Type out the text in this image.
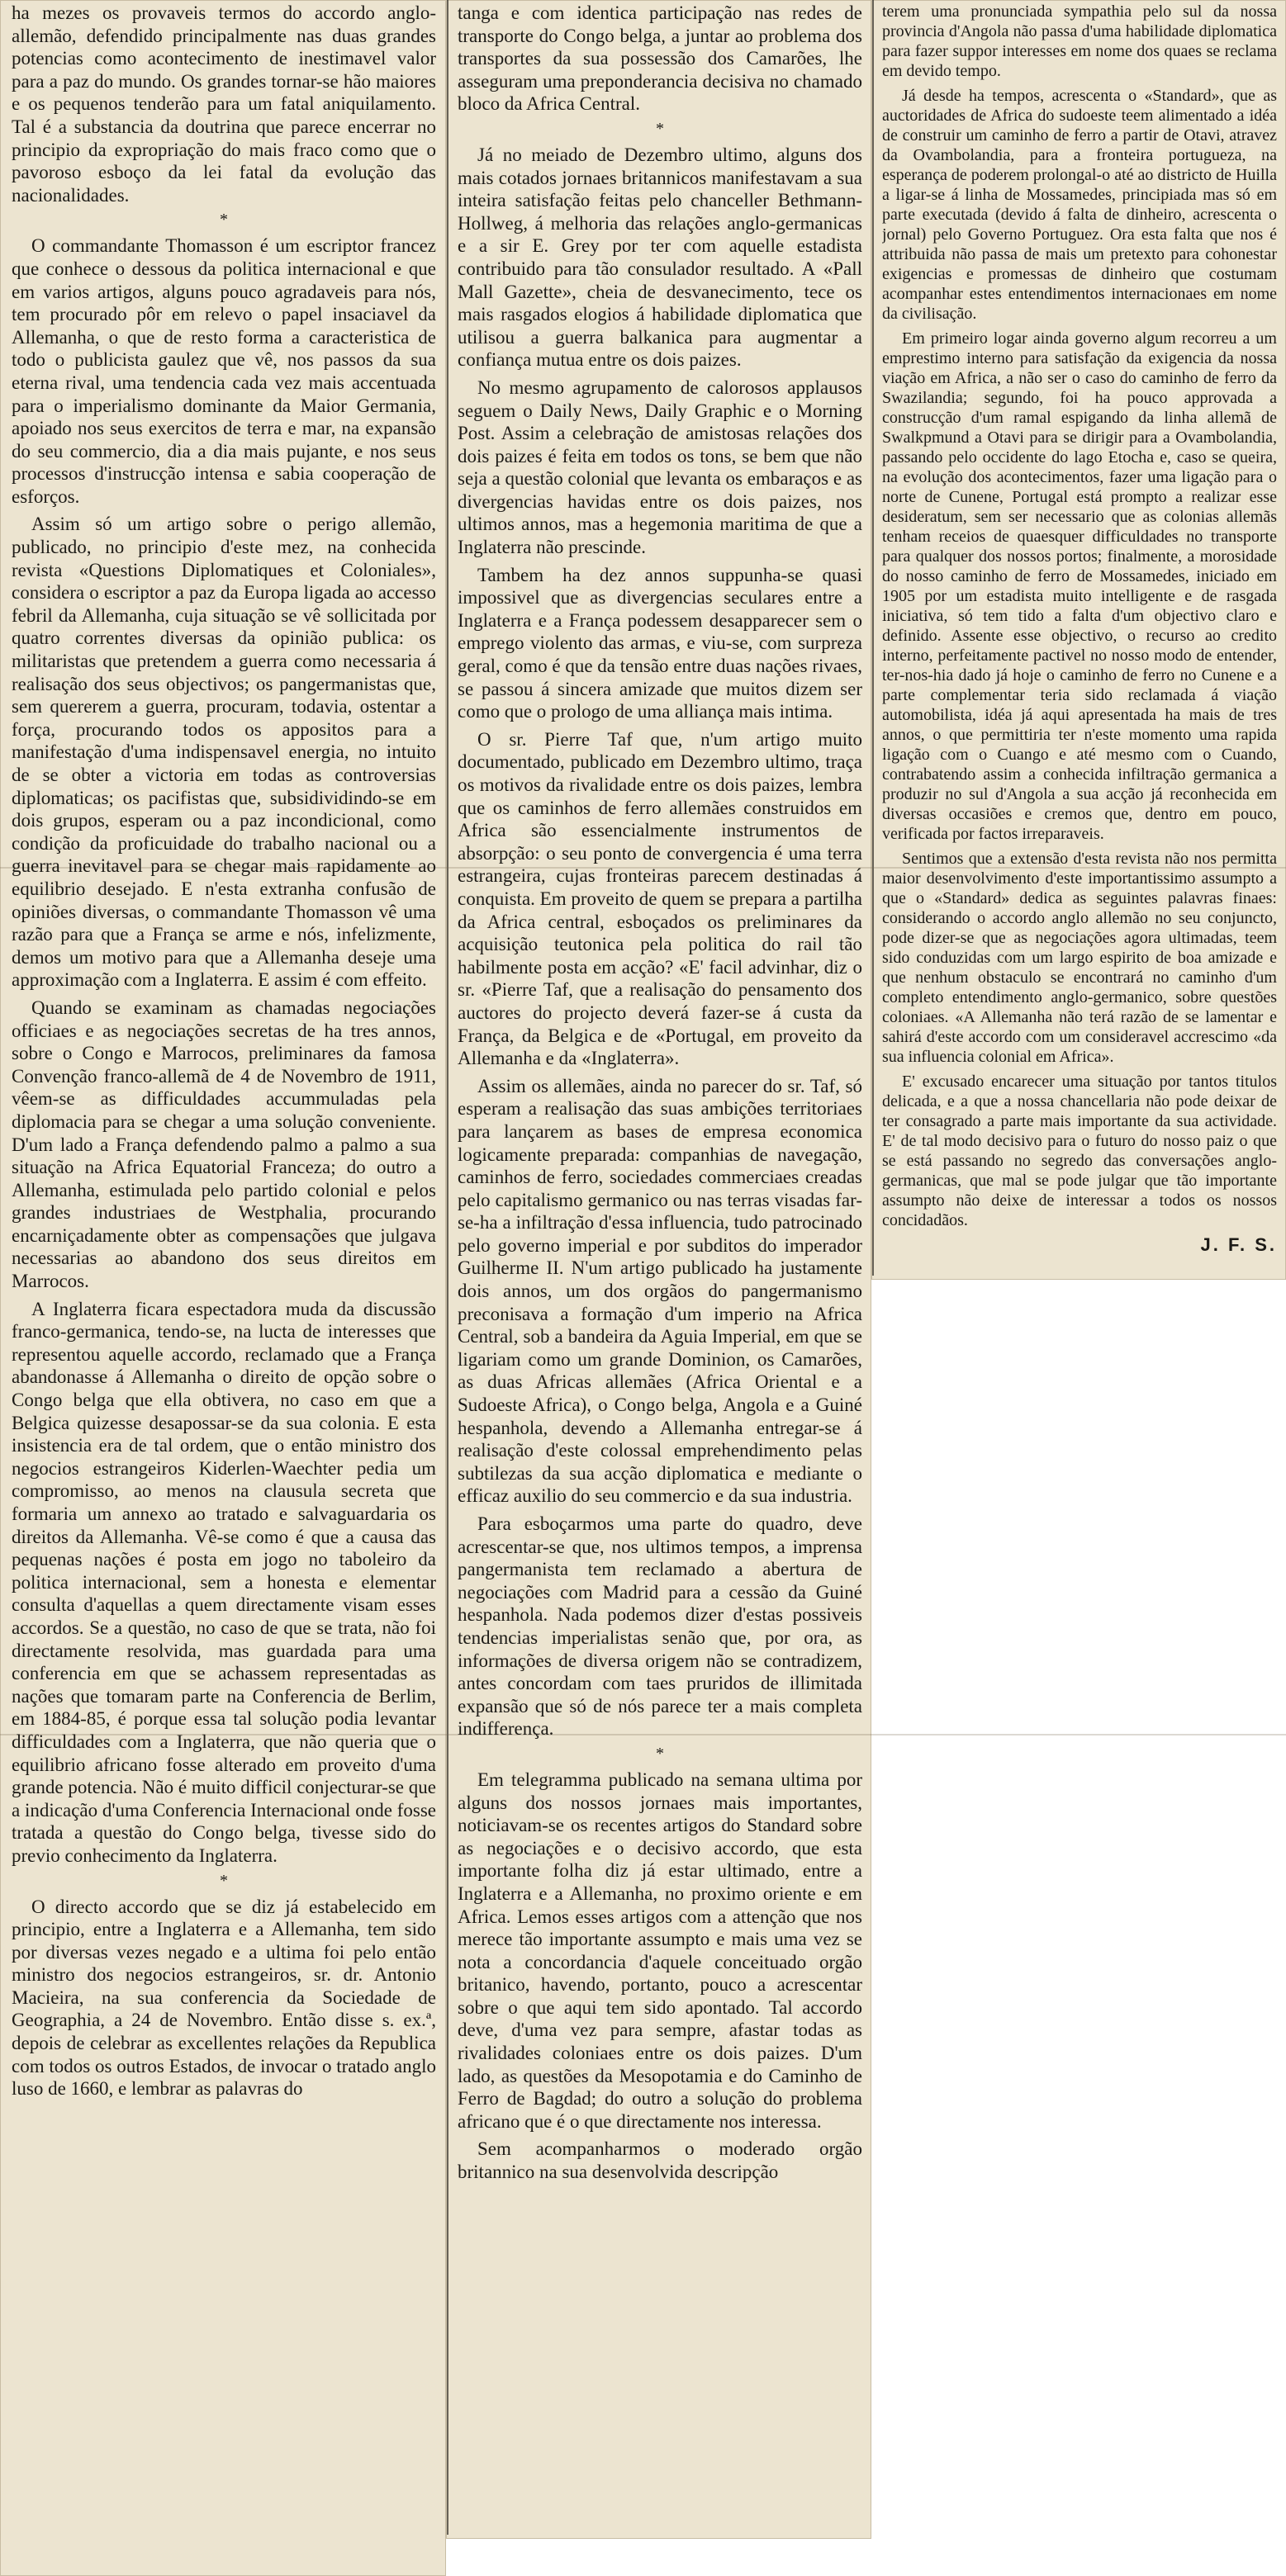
ha mezes os provaveis termos do accordo anglo-allemão, defendido principalmente nas duas grandes potencias como acontecimento de inestimavel valor para a paz do mundo. Os grandes tornar-se hão maiores e os pequenos tenderão para um fatal aniquilamento. Tal é a substancia da doutrina que parece encerrar no principio da expropriação do mais fraco como que o pavoroso esboço da lei fatal da evolução das nacionalidades.

*

O commandante Thomasson é um escriptor francez que conhece o dessous da politica internacional e que em varios artigos, alguns pouco agradaveis para nós, tem procurado pôr em relevo o papel insaciavel da Allemanha, o que de resto forma a caracteristica de todo o publicista gaulez que vê, nos passos da sua eterna rival, uma tendencia cada vez mais accentuada para o imperialismo dominante da Maior Germania, apoiado nos seus exercitos de terra e mar, na expansão do seu commercio, dia a dia mais pujante, e nos seus processos d'instrucção intensa e sabia cooperação de esforços.

Assim só um artigo sobre o perigo allemão, publicado, no principio d'este mez, na conhecida revista «Questions Diplomatiques et Coloniales», considera o escriptor a paz da Europa ligada ao accesso febril da Allemanha, cuja situação se vê sollicitada por quatro correntes diversas da opinião publica: os militaristas que pretendem a guerra como necessaria á realisação dos seus objectivos; os pangermanistas que, sem quererem a guerra, procuram, todavia, ostentar a força, procurando todos os appositos para a manifestação d'uma indispensavel energia, no intuito de se obter a victoria em todas as controversias diplomaticas; os pacifistas que, subsidividindo-se em dois grupos, esperam ou a paz incondicional, como condição da proficuidade do trabalho nacional ou a guerra inevitavel para se chegar mais rapidamente ao equilibrio desejado. E n'esta extranha confusão de opiniões diversas, o commandante Thomasson vê uma razão para que a França se arme e nós, infelizmente, demos um motivo para que a Allemanha deseje uma approximação com a Inglaterra. E assim é com effeito.

Quando se examinam as chamadas negociações officiaes e as negociações secretas de ha tres annos, sobre o Congo e Marrocos, preliminares da famosa Convenção franco-allemã de 4 de Novembro de 1911, vêem-se as difficuldades accummuladas pela diplomacia para se chegar a uma solução conveniente. D'um lado a França defendendo palmo a palmo a sua situação na Africa Equatorial Franceza; do outro a Allemanha, estimulada pelo partido colonial e pelos grandes industriaes de Westphalia, procurando encarniçadamente obter as compensações que julgava necessarias ao abandono dos seus direitos em Marrocos.

A Inglaterra ficara espectadora muda da discussão franco-germanica, tendo-se, na lucta de interesses que representou aquelle accordo, reclamado que a França abandonasse á Allemanha o direito de opção sobre o Congo belga que ella obtivera, no caso em que a Belgica quizesse desapossar-se da sua colonia. E esta insistencia era de tal ordem, que o então ministro dos negocios estrangeiros Kiderlen-Waechter pedia um compromisso, ao menos na clausula secreta que formaria um annexo ao tratado e salvaguardaria os direitos da Allemanha. Vê-se como é que a causa das pequenas nações é posta em jogo no taboleiro da politica internacional, sem a honesta e elementar consulta d'aquellas a quem directamente visam esses accordos. Se a questão, no caso de que se trata, não foi directamente resolvida, mas guardada para uma conferencia em que se achassem representadas as nações que tomaram parte na Conferencia de Berlim, em 1884-85, é porque essa tal solução podia levantar difficuldades com a Inglaterra, que não queria que o equilibrio africano fosse alterado em proveito d'uma grande potencia. Não é muito difficil conjecturar-se que a indicação d'uma Conferencia Internacional onde fosse tratada a questão do Congo belga, tivesse sido do previo conhecimento da Inglaterra.

*

O directo accordo que se diz já estabelecido em principio, entre a Inglaterra e a Allemanha, tem sido por diversas vezes negado e a ultima foi pelo então ministro dos negocios estrangeiros, sr. dr. Antonio Macieira, na sua conferencia da Sociedade de Geographia, a 24 de Novembro. Então disse s. ex.ª, depois de celebrar as excellentes relações da Republica com todos os outros Estados, de invocar o tratado anglo luso de 1660, e lembrar as palavras do

tanga e com identica participação nas redes de transporte do Congo belga, a juntar ao problema dos transportes da sua possessão dos Camarões, lhe asseguram uma preponderancia decisiva no chamado bloco da Africa Central.

*

Já no meiado de Dezembro ultimo, alguns dos mais cotados jornaes britannicos manifestavam a sua inteira satisfação feitas pelo chanceller Bethmann-Hollweg, á melhoria das relações anglo-germanicas e a sir E. Grey por ter com aquelle estadista contribuido para tão consulador resultado. A «Pall Mall Gazette», cheia de desvanecimento, tece os mais rasgados elogios á habilidade diplomatica que utilisou a guerra balkanica para augmentar a confiança mutua entre os dois paizes.

No mesmo agrupamento de calorosos applausos seguem o Daily News, Daily Graphic e o Morning Post. Assim a celebração de amistosas relações dos dois paizes é feita em todos os tons, se bem que não seja a questão colonial que levanta os embaraços e as divergencias havidas entre os dois paizes, nos ultimos annos, mas a hegemonia maritima de que a Inglaterra não prescinde.

Tambem ha dez annos suppunha-se quasi impossivel que as divergencias seculares entre a Inglaterra e a França podessem desapparecer sem o emprego violento das armas, e viu-se, com surpreza geral, como é que da tensão entre duas nações rivaes, se passou á sincera amizade que muitos dizem ser como que o prologo de uma alliança mais intima.

O sr. Pierre Taf que, n'um artigo muito documentado, publicado em Dezembro ultimo, traça os motivos da rivalidade entre os dois paizes, lembra que os caminhos de ferro allemães construidos em Africa são essencialmente instrumentos de absorpção: o seu ponto de convergencia é uma terra estrangeira, cujas fronteiras parecem destinadas á conquista. Em proveito de quem se prepara a partilha da Africa central, esboçados os preliminares da acquisição teutonica pela politica do rail tão habilmente posta em acção? «E' facil advinhar, diz o sr. «Pierre Taf, que a realisação do pensamento dos auctores do projecto deverá fazer-se á custa da França, da Belgica e de «Portugal, em proveito da Allemanha e da «Inglaterra».

Assim os allemães, ainda no parecer do sr. Taf, só esperam a realisação das suas ambições territoriaes para lançarem as bases de empresa economica logicamente preparada: companhias de navegação, caminhos de ferro, sociedades commerciaes creadas pelo capitalismo germanico ou nas terras visadas far-se-ha a infiltração d'essa influencia, tudo patrocinado pelo governo imperial e por subditos do imperador Guilherme II. N'um artigo publicado ha justamente dois annos, um dos orgãos do pangermanismo preconisava a formação d'um imperio na Africa Central, sob a bandeira da Aguia Imperial, em que se ligariam como um grande Dominion, os Camarões, as duas Africas allemães (Africa Oriental e a Sudoeste Africa), o Congo belga, Angola e a Guiné hespanhola, devendo a Allemanha entregar-se á realisação d'este colossal emprehendimento pelas subtilezas da sua acção diplomatica e mediante o efficaz auxilio do seu commercio e da sua industria.

Para esboçarmos uma parte do quadro, deve acrescentar-se que, nos ultimos tempos, a imprensa pangermanista tem reclamado a abertura de negociações com Madrid para a cessão da Guiné hespanhola. Nada podemos dizer d'estas possiveis tendencias imperialistas senão que, por ora, as informações de diversa origem não se contradizem, antes concordam com taes pruridos de illimitada expansão que só de nós parece ter a mais completa indifferença.

*

Em telegramma publicado na semana ultima por alguns dos nossos jornaes mais importantes, noticiavam-se os recentes artigos do Standard sobre as negociações e o decisivo accordo, que esta importante folha diz já estar ultimado, entre a Inglaterra e a Allemanha, no proximo oriente e em Africa. Lemos esses artigos com a attenção que nos merece tão importante assumpto e mais uma vez se nota a concordancia d'aquele conceituado orgão britanico, havendo, portanto, pouco a acrescentar sobre o que aqui tem sido apontado. Tal accordo deve, d'uma vez para sempre, afastar todas as rivalidades coloniaes entre os dois paizes. D'um lado, as questões da Mesopotamia e do Caminho de Ferro de Bagdad; do outro a solução do problema africano que é o que directamente nos interessa.

Sem acompanharmos o moderado orgão britannico na sua desenvolvida descripção

terem uma pronunciada sympathia pelo sul da nossa provincia d'Angola não passa d'uma habilidade diplomatica para fazer suppor interesses em nome dos quaes se reclama em devido tempo.

Já desde ha tempos, acrescenta o «Standard», que as auctoridades de Africa do sudoeste teem alimentado a idéa de construir um caminho de ferro a partir de Otavi, atravez da Ovambolandia, para a fronteira portugueza, na esperança de poderem prolongal-o até ao districto de Huilla a ligar-se á linha de Mossamedes, principiada mas só em parte executada (devido á falta de dinheiro, acrescenta o jornal) pelo Governo Portuguez. Ora esta falta que nos é attribuida não passa de mais um pretexto para cohonestar exigencias e promessas de dinheiro que costumam acompanhar estes entendimentos internacionaes em nome da civilisação.

Em primeiro logar ainda governo algum recorreu a um emprestimo interno para satisfação da exigencia da nossa viação em Africa, a não ser o caso do caminho de ferro da Swazilandia; segundo, foi ha pouco approvada a construcção d'um ramal espigando da linha allemã de Swalkpmund a Otavi para se dirigir para a Ovambolandia, passando pelo occidente do lago Etocha e, caso se queira, na evolução dos acontecimentos, fazer uma ligação para o norte de Cunene, Portugal está prompto a realizar esse desideratum, sem ser necessario que as colonias allemãs tenham receios de quaesquer difficuldades no transporte para qualquer dos nossos portos; finalmente, a morosidade do nosso caminho de ferro de Mossamedes, iniciado em 1905 por um estadista muito intelligente e de rasgada iniciativa, só tem tido a falta d'um objectivo claro e definido. Assente esse objectivo, o recurso ao credito interno, perfeitamente pactivel no nosso modo de entender, ter-nos-hia dado já hoje o caminho de ferro no Cunene e a parte complementar teria sido reclamada á viação automobilista, idéa já aqui apresentada ha mais de tres annos, o que permittiria ter n'este momento uma rapida ligação com o Cuango e até mesmo com o Cuando, contrabatendo assim a conhecida infiltração germanica a produzir no sul d'Angola a sua acção já reconhecida em diversas occasiões e cremos que, dentro em pouco, verificada por factos irreparaveis.

Sentimos que a extensão d'esta revista não nos permitta maior desenvolvimento d'este importantissimo assumpto a que o «Standard» dedica as seguintes palavras finaes: considerando o accordo anglo allemão no seu conjuncto, pode dizer-se que as negociações agora ultimadas, teem sido conduzidas com um largo espirito de boa amizade e que nenhum obstaculo se encontrará no caminho d'um completo entendimento anglo-germanico, sobre questões coloniaes. «A Allemanha não terá razão de se lamentar e sahirá d'este accordo com um consideravel accrescimo «da sua influencia colonial em Africa».

E' excusado encarecer uma situação por tantos titulos delicada, e a que a nossa chancellaria não pode deixar de ter consagrado a parte mais importante da sua actividade. E' de tal modo decisivo para o futuro do nosso paiz o que se está passando no segredo das conversações anglo-germanicas, que mal se pode julgar que tão importante assumpto não deixe de interessar a todos os nossos concidadãos.

J. F. S.
